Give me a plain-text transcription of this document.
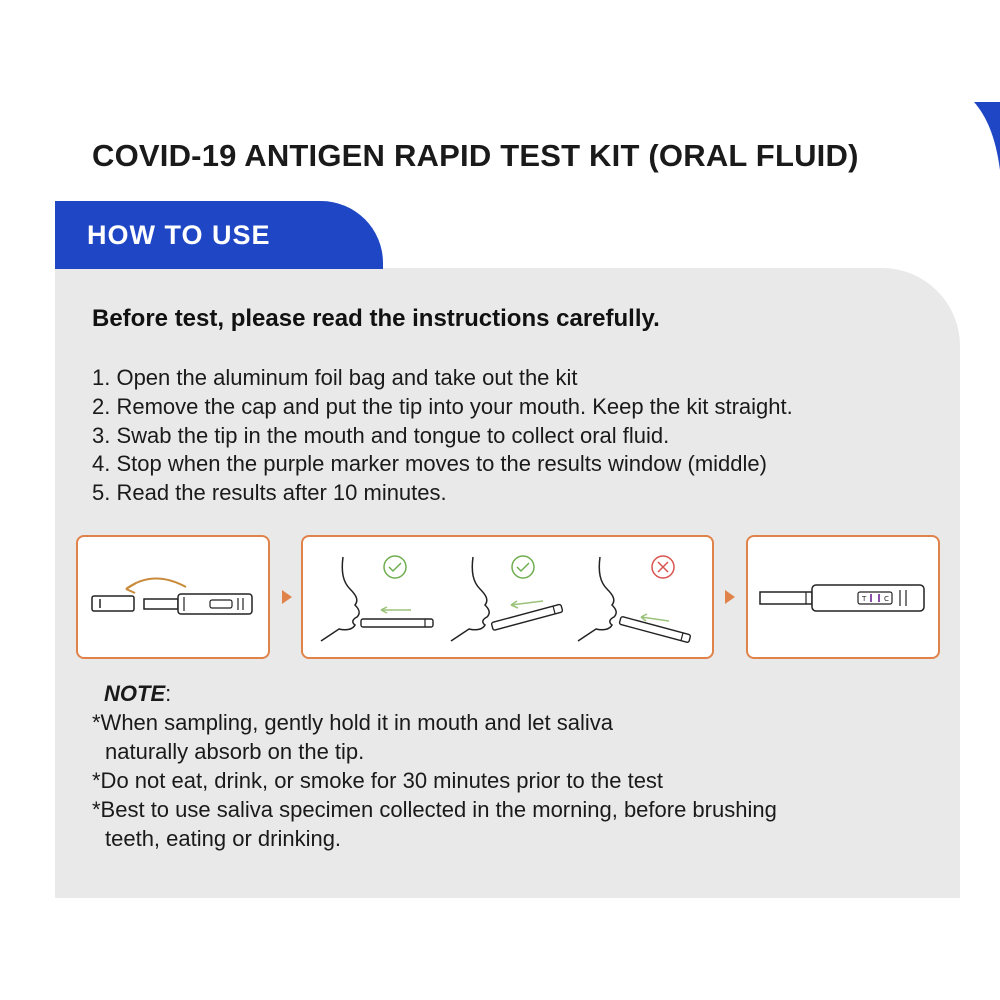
COVID-19 ANTIGEN RAPID TEST KIT (ORAL FLUID)
HOW TO USE
Before test, please read the instructions carefully.
1. Open the aluminum foil bag and take out the kit
2. Remove the cap and put the tip into your mouth. Keep the kit straight.
3. Swab the tip in the mouth and tongue to collect oral fluid.
4. Stop when the purple marker moves to the results window (middle)
5. Read the results after 10 minutes.
T	C
NOTE:
*When sampling, gently hold it in mouth and let saliva
naturally absorb on the tip.
*Do not eat, drink, or smoke for 30 minutes prior to the test
*Best to use saliva specimen collected in the morning, before brushing
teeth, eating or drinking.
